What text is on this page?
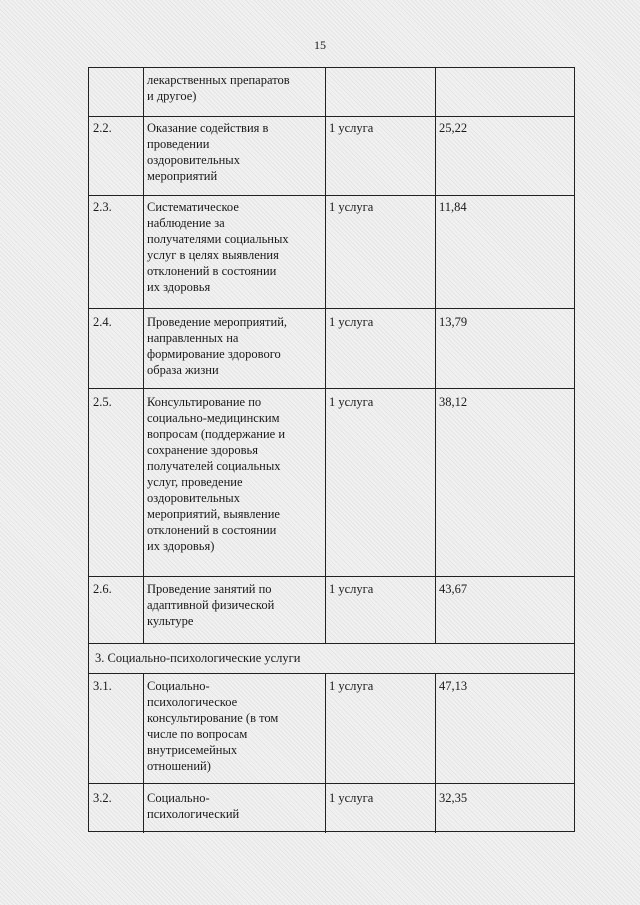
15
лекарственных препаратов
и другое)
2.2.	Оказание содействия в
проведении
оздоровительных
мероприятий
1 услуга	25,22
2.3.	Систематическое
наблюдение за
получателями социальных
услуг в целях выявления
отклонений в состоянии
их здоровья
1 услуга	11,84
2.4.	Проведение мероприятий,
направленных на
формирование здорового
образа жизни
1 услуга	13,79
2.5.	Консультирование по
социально-медицинским
вопросам (поддержание и
сохранение здоровья
получателей социальных
услуг, проведение
оздоровительных
мероприятий, выявление
отклонений в состоянии
их здоровья)
1 услуга	38,12
2.6.	Проведение занятий по
адаптивной физической
культуре
1 услуга	43,67
3. Социально-психологические услуги
3.1.	Социально-
психологическое
консультирование (в том
числе по вопросам
внутрисемейных
отношений)
1 услуга	47,13
3.2.	Социально-
психологический
1 услуга	32,35
